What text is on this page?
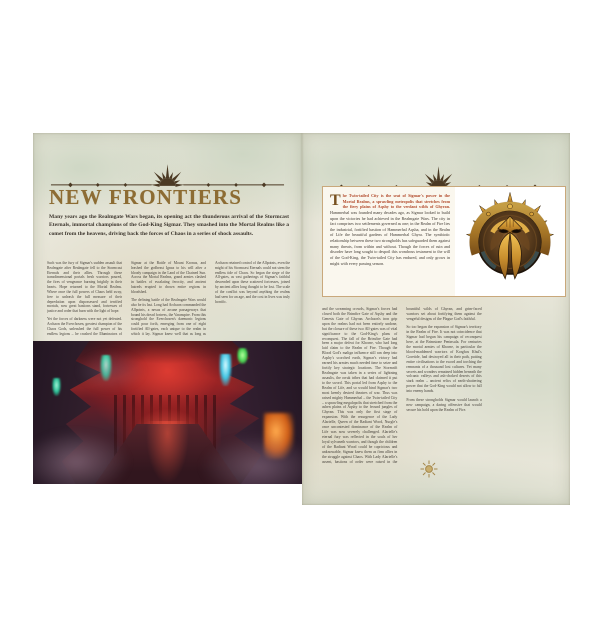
NEW FRONTIERS
Many years ago the Realmgate Wars began, its opening act the thunderous arrival of the Stormcast Eternals, immortal champions of the God-King Sigmar. They smashed into the Mortal Realms like a comet from the heavens, driving back the forces of Chaos in a series of shock assaults.

Such was the fury of Sigmar's sudden assault that Realmgate after Realmgate fell to the Stormcast Eternals and their allies. Through these transdimensional portals fresh warriors poured, the fires of vengeance burning brightly in their hearts. Hope returned to the Mortal Realms. Where once the full powers of Chaos held sway, free to unleash the full measure of their depredation upon dispossessed and terrified mortals, now great bastions stand, fortresses of justice and order that burn with the light of hope.

Yet the forces of darkness were not yet defeated. Archaon the Everchosen, greatest champion of the Chaos Gods, unleashed the full power of his endless legions – he crushed the Illuminators of Sigmar at the Battle of Mount Kronus, and leashed the godbeast Ignax to his will after a bloody campaign in the Land of the Chained Sun. Across the Mortal Realms, grand armies clashed in battles of escalating ferocity, and ancient hatreds erupted to drown entire regions in bloodshed.

The defining battle of the Realmgate Wars would also be its last. Long had Archaon commanded the Allpoints, a nexus of arcane passageways that bound his dread fortress, the Varanspire. From this stronghold the Everchosen's daemonic legions could pour forth, emerging from one of eight fortified All-gates, each unique to the realm in which it lay. Sigmar knew well that as long as Archaon retained control of the Allpoints, even the might of his Stormcast Eternals could not stem the endless tide of Chaos. So began the siege of the All-gates, as vast gatherings of Sigmar's faithful descended upon these scattered fortresses, joined by ancient allies long thought to be lost. The scale of the conflict was beyond anything the realms had seen for an age, and the cost in lives was truly horrific.

The Twin-tailed City is the seat of Sigmar's power in the Mortal Realms, a sprawling metropolis that stretches from the fiery plains of Aqshy to the verdant wilds of Ghyran. Hammerhal was founded many decades ago, as Sigmar looked to build upon the victories he had achieved in the Realmgate Wars. The city in fact comprises two settlements governed as one; in the Realm of Fire lies the industrial, fortified bastion of Hammerhal Aqsha, and in the Realm of Life the beautiful gardens of Hammerhal Ghyra. The symbiotic relationship between these two strongholds has safeguarded them against many threats, from within and without. Though the forces of ruin and disorder have long sought to despoil this wondrous testament to the will of the God-King, the Twin-tailed City has endured, and only grows in might with every passing season.

and the screaming crowds, Sigmar's forces had closed both the Brimfire Gate of Aqshy and the Genesis Gate of Ghyran. Archaon's iron grip upon the realms had not been entirely undone, but the closure of these two All-gates was of vital significance to the God-King's plans of reconquest. The fall of the Brimfire Gate had been a major defeat for Khorne, who had long laid claim to the Realm of Fire. Though the Blood God's malign influence still ran deep into Aqshy's scorched earth, Sigmar's victory had earned his armies much needed time to seize and fortify key strategic locations. The Stormrift Realmgate was taken in a series of lightning assaults, the orruk tribes that had claimed it put to the sword. This portal led from Aqshy to the Realm of Life, and so would bind Sigmar's two most keenly desired theatres of war. Thus was raised mighty Hammerhal – the Twin-tailed City – a sprawling megalopolis that stretched from the ashen plains of Aqshy to the fecund jungles of Ghyran. This was only the first stage of expansion. With the resurgence of the Lady Alarielle, Queen of the Radiant Wood, Nurgle's once uncontested dominance of the Realm of Life was now severely challenged. Alarielle's eternal fury was reflected in the souls of her loyal sylvaneth warriors, and though the children of the Radiant Wood could be capricious and unknowable, Sigmar knew them as firm allies in the struggle against Chaos. With Lady Alarielle's assent, bastions of order were raised in the bountiful wilds of Ghyran, and grim-faced warriors set about fortifying them against the vengeful designs of the Plague God's faithful.

So too began the expansion of Sigmar's territory in the Realm of Fire. It was not coincidence that Sigmar had begun his campaign of reconquest here, at the Brimstone Peninsula. For centuries the mortal armies of Khorne, in particular the blood-maddened warriors of Korghos Khul's Goretide, had destroyed all in their path, putting entire civilisations to the sword and torching the remnants of a thousand lost cultures. Yet many secrets and wonders remained hidden beneath the volcanic valleys and ash-choked deserts of this stark realm – ancient relics of earth-shattering power that the God-King would not allow to fall into enemy hands.

From these strongholds Sigmar would launch a new campaign, a daring offensive that would secure his hold upon the Realm of Fire.
